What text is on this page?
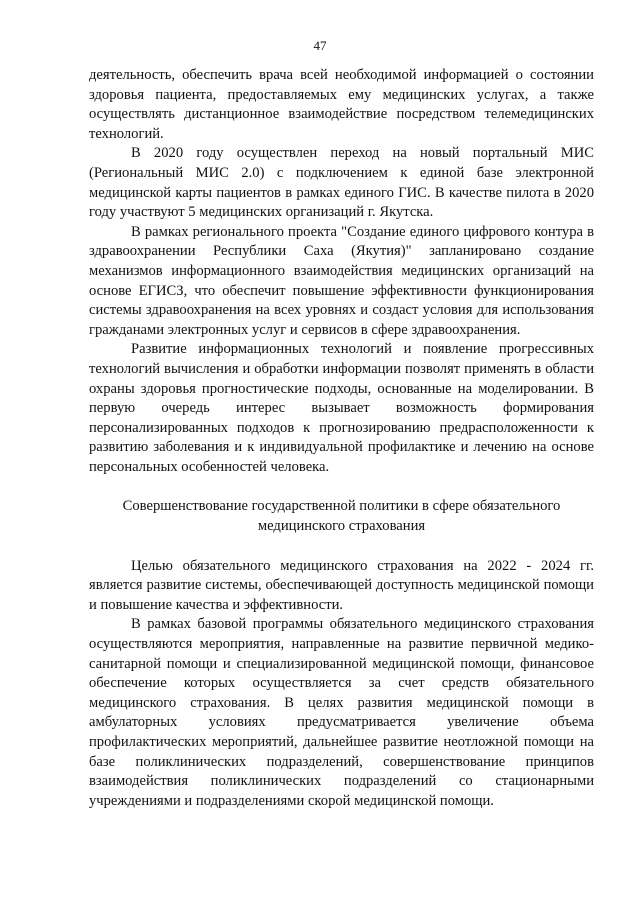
47

деятельность, обеспечить врача всей необходимой информацией о состоянии здоровья пациента, предоставляемых ему медицинских услугах, а также осуществлять дистанционное взаимодействие посредством телемедицинских технологий.

В 2020 году осуществлен переход на новый портальный МИС (Региональный МИС 2.0) с подключением к единой базе электронной медицинской карты пациентов в рамках единого ГИС. В качестве пилота в 2020 году участвуют 5 медицинских организаций г. Якутска.

В рамках регионального проекта "Создание единого цифрового контура в здравоохранении Республики Саха (Якутия)" запланировано создание механизмов информационного взаимодействия медицинских организаций на основе ЕГИСЗ, что обеспечит повышение эффективности функционирования системы здравоохранения на всех уровнях и создаст условия для использования гражданами электронных услуг и сервисов в сфере здравоохранения.

Развитие информационных технологий и появление прогрессивных технологий вычисления и обработки информации позволят применять в области охраны здоровья прогностические подходы, основанные на моделировании. В первую очередь интерес вызывает возможность формирования персонализированных подходов к прогнозированию предрасположенности к развитию заболевания и к индивидуальной профилактике и лечению на основе персональных особенностей человека.

Совершенствование государственной политики в сфере обязательного медицинского страхования

Целью обязательного медицинского страхования на 2022 - 2024 гг. является развитие системы, обеспечивающей доступность медицинской помощи и повышение качества и эффективности.

В рамках базовой программы обязательного медицинского страхования осуществляются мероприятия, направленные на развитие первичной медико-санитарной помощи и специализированной медицинской помощи, финансовое обеспечение которых осуществляется за счет средств обязательного медицинского страхования. В целях развития медицинской помощи в амбулаторных условиях предусматривается увеличение объема профилактических мероприятий, дальнейшее развитие неотложной помощи на базе поликлинических подразделений, совершенствование принципов взаимодействия поликлинических подразделений со стационарными учреждениями и подразделениями скорой медицинской помощи.
